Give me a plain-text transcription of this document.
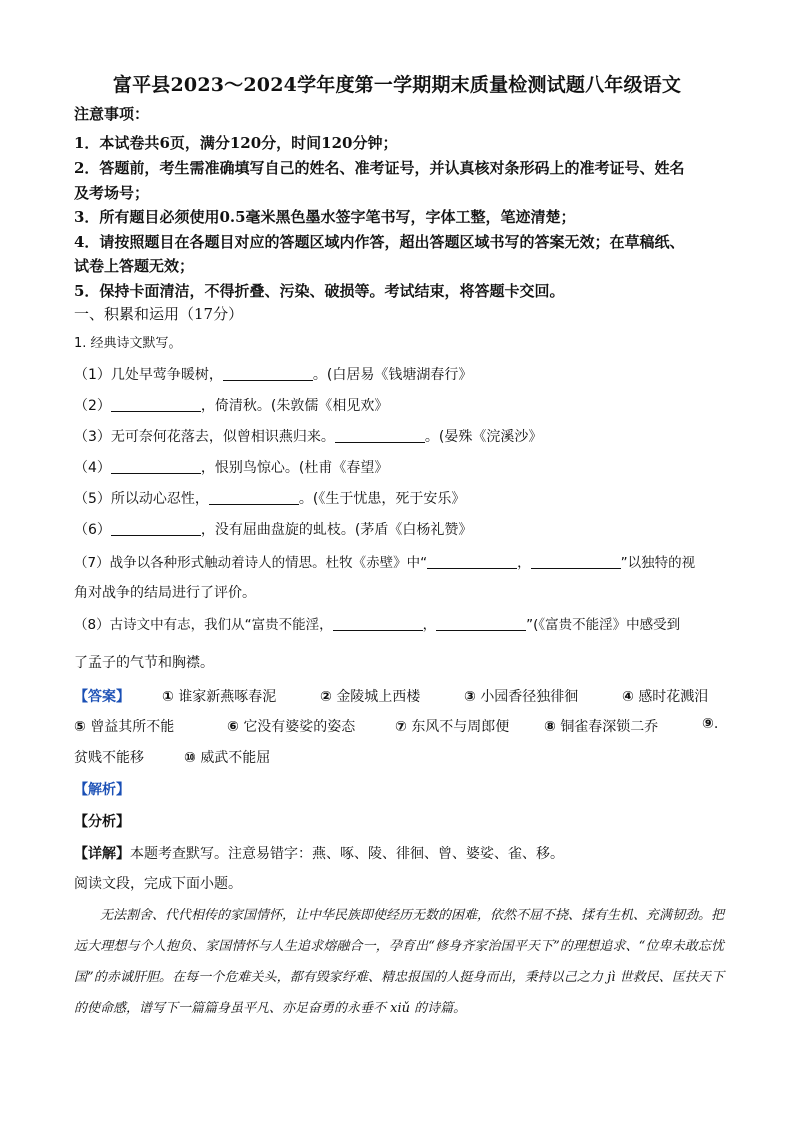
富平县2023～2024学年度第一学期期末质量检测试题八年级语文
注意事项：
1．本试卷共6页，满分120分，时间120分钟；
2．答题前，考生需准确填写自己的姓名、准考证号，并认真核对条形码上的准考证号、姓名
及考场号；
3．所有题目必须使用0.5毫米黑色墨水签字笔书写，字体工整，笔迹清楚；
4．请按照题目在各题目对应的答题区域内作答，超出答题区域书写的答案无效；在草稿纸、
试卷上答题无效；
5．保持卡面清洁，不得折叠、污染、破损等。考试结束，将答题卡交回。
一、积累和运用（17分）
1. 经典诗文默写。
（1）几处早莺争暖树，	。(白居易《钱塘湖春行》
（2）	，倚清秋。(朱敦儒《相见欢》
（3）无可奈何花落去，似曾相识燕归来。	。(晏殊《浣溪沙》
（4）	，恨别鸟惊心。(杜甫《春望》
（5）所以动心忍性，	。(《生于忧患，死于安乐》
（6）	，没有屈曲盘旋的虬枝。(茅盾《白杨礼赞》
（7）战争以各种形式触动着诗人的情思。杜牧《赤壁》中“	，	”以独特的视
角对战争的结局进行了评价。
（8）古诗文中有志，我们从“富贵不能淫，	，	”(《富贵不能淫》中感受到
了孟子的气节和胸襟。
【答案】 ① 谁家新燕啄春泥	② 金陵城上西楼	③ 小园香径独徘徊	④ 感时花溅泪
⑤ 曾益其所不能	⑥ 它没有婆娑的姿态	⑦ 东风不与周郎便 ⑧ 铜雀春深锁二乔	⑨.
贫贱不能移	⑩ 威武不能屈
【解析】
【分析】
【详解】本题考查默写。注意易错字：燕、啄、陵、徘徊、曾、婆娑、雀、移。
阅读文段，完成下面小题。
无法割舍、代代相传的家国情怀，让中华民族即使经历无数的困难，依然不屈不挠、揉有生机、充满韧劲。把远大理想与个人抱负、家国情怀与人生追求熔融合一，孕育出“修身齐家治国平天下”的理想追求、“位卑未敢忘忧国”的赤诚肝胆。在每一个危难关头，都有毁家纾难、精忠报国的人挺身而出，秉持以己之力 jì 世救民、匡扶天下的使命感，谱写下一篇篇身虽平凡、亦足奋勇的永垂不 xiǔ 的诗篇。
